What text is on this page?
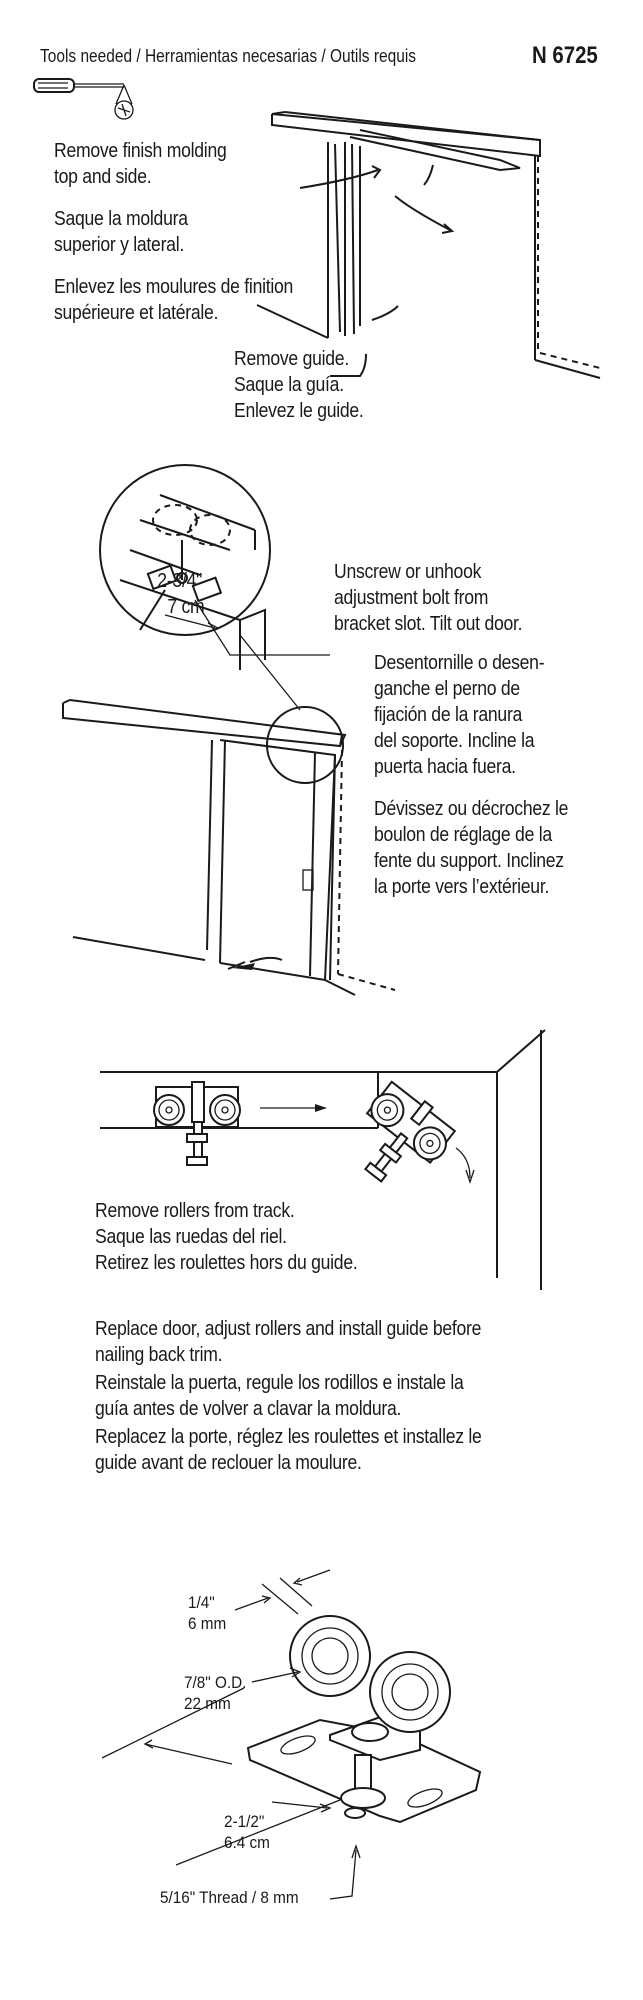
Tools needed / Herramientas necesarias / Outils requis	N 6725
Remove finish molding
top and side.
Saque la moldura
superior y lateral.
Enlevez les moulures de finition
supérieure et latérale.
Remove guide.
Saque la guía.
Enlevez le guide.
2-3/4"
7 cm
Unscrew or unhook
adjustment bolt from
bracket slot. Tilt out door.
Desentornille o desen-
ganche el perno de
fijación de la ranura
del soporte. Incline la
puerta hacia fuera.
Dévissez ou décrochez le
boulon de réglage de la
fente du support. Inclinez
la porte vers l’extérieur.
Remove rollers from track.
Saque las ruedas del riel.
Retirez les roulettes hors du guide.
Replace door, adjust rollers and install guide before
nailing back trim.
Reinstale la puerta, regule los rodillos e instale la
guía antes de volver a clavar la moldura.
Replacez la porte, réglez les roulettes et installez le
guide avant de reclouer la moulure.
1/4"
6 mm
7/8" O.D.
22 mm
2-1/2"
6.4 cm
5/16" Thread / 8 mm
